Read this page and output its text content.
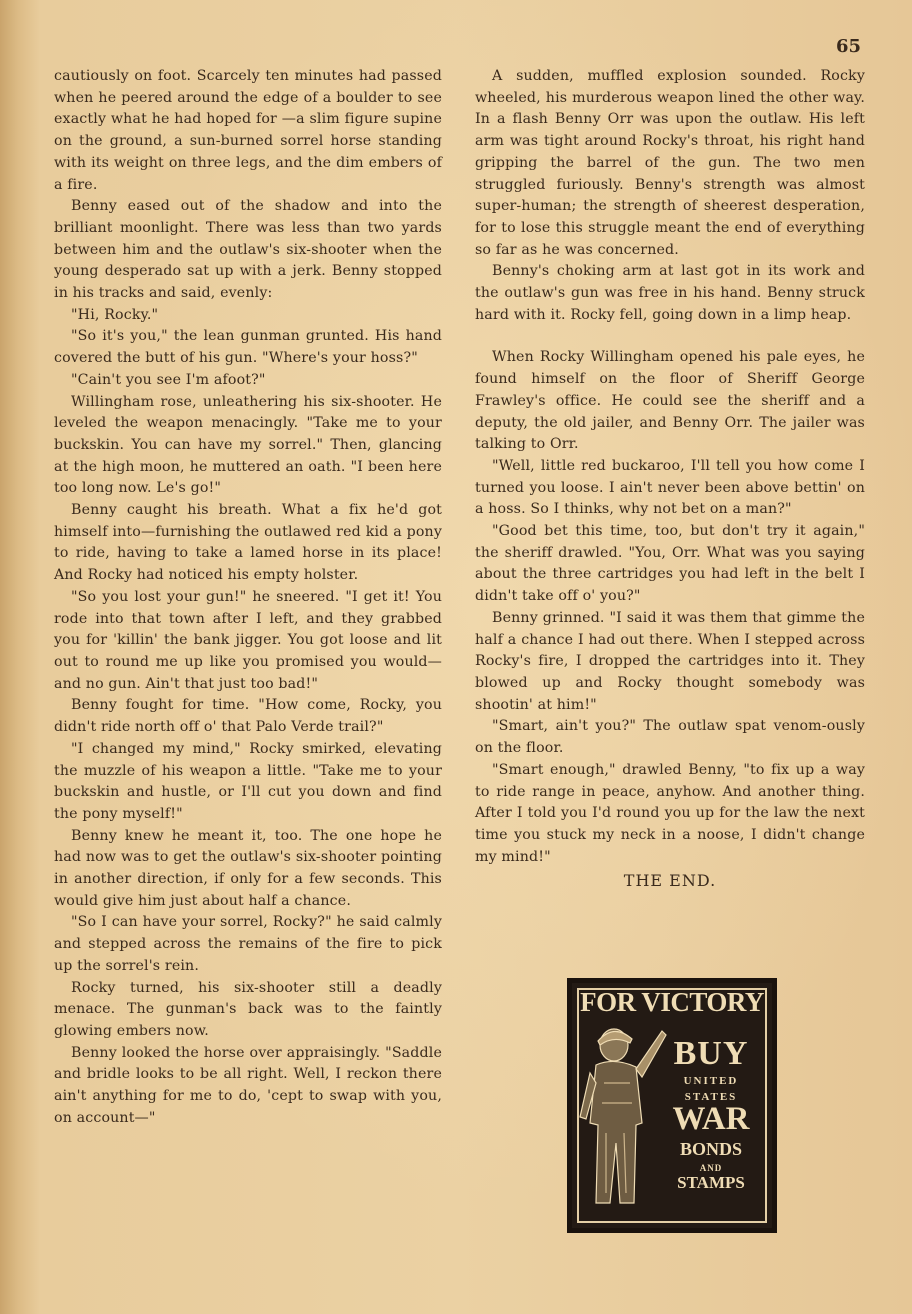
65

cautiously on foot. Scarcely ten minutes had passed when he peered around the edge of a boulder to see exactly what he had hoped for —a slim figure supine on the ground, a sun-burned sorrel horse standing with its weight on three legs, and the dim embers of a fire.

Benny eased out of the shadow and into the brilliant moonlight. There was less than two yards between him and the outlaw's six-shooter when the young desperado sat up with a jerk. Benny stopped in his tracks and said, evenly:

"Hi, Rocky."

"So it's you," the lean gunman grunted. His hand covered the butt of his gun. "Where's your hoss?"

"Cain't you see I'm afoot?"

Willingham rose, unleathering his six-shooter. He leveled the weapon menacingly. "Take me to your buckskin. You can have my sorrel." Then, glancing at the high moon, he muttered an oath. "I been here too long now. Le's go!"

Benny caught his breath. What a fix he'd got himself into—furnishing the outlawed red kid a pony to ride, having to take a lamed horse in its place! And Rocky had noticed his empty holster.

"So you lost your gun!" he sneered. "I get it! You rode into that town after I left, and they grabbed you for 'killin' the bank jigger. You got loose and lit out to round me up like you promised you would—and no gun. Ain't that just too bad!"

Benny fought for time. "How come, Rocky, you didn't ride north off o' that Palo Verde trail?"

"I changed my mind," Rocky smirked, elevating the muzzle of his weapon a little. "Take me to your buckskin and hustle, or I'll cut you down and find the pony myself!"

Benny knew he meant it, too. The one hope he had now was to get the outlaw's six-shooter pointing in another direction, if only for a few seconds. This would give him just about half a chance.

"So I can have your sorrel, Rocky?" he said calmly and stepped across the remains of the fire to pick up the sorrel's rein.

Rocky turned, his six-shooter still a deadly menace. The gunman's back was to the faintly glowing embers now.

Benny looked the horse over appraisingly. "Saddle and bridle looks to be all right. Well, I reckon there ain't anything for me to do, 'cept to swap with you, on account—"

A sudden, muffled explosion sounded. Rocky wheeled, his murderous weapon lined the other way. In a flash Benny Orr was upon the outlaw. His left arm was tight around Rocky's throat, his right hand gripping the barrel of the gun. The two men struggled furiously. Benny's strength was almost super-human; the strength of sheerest desperation, for to lose this struggle meant the end of everything so far as he was concerned.

Benny's choking arm at last got in its work and the outlaw's gun was free in his hand. Benny struck hard with it. Rocky fell, going down in a limp heap.

When Rocky Willingham opened his pale eyes, he found himself on the floor of Sheriff George Frawley's office. He could see the sheriff and a deputy, the old jailer, and Benny Orr. The jailer was talking to Orr.

"Well, little red buckaroo, I'll tell you how come I turned you loose. I ain't never been above bettin' on a hoss. So I thinks, why not bet on a man?"

"Good bet this time, too, but don't try it again," the sheriff drawled. "You, Orr. What was you saying about the three cartridges you had left in the belt I didn't take off o' you?"

Benny grinned. "I said it was them that gimme the half a chance I had out there. When I stepped across Rocky's fire, I dropped the cartridges into it. They blowed up and Rocky thought somebody was shootin' at him!"

"Smart, ain't you?" The outlaw spat venom-ously on the floor.

"Smart enough," drawled Benny, "to fix up a way to ride range in peace, anyhow. And another thing. After I told you I'd round you up for the law the next time you stuck my neck in a noose, I didn't change my mind!"

THE END.

FOR VICTORY
BUY
UNITED
STATES
WAR
BONDS
AND
STAMPS
